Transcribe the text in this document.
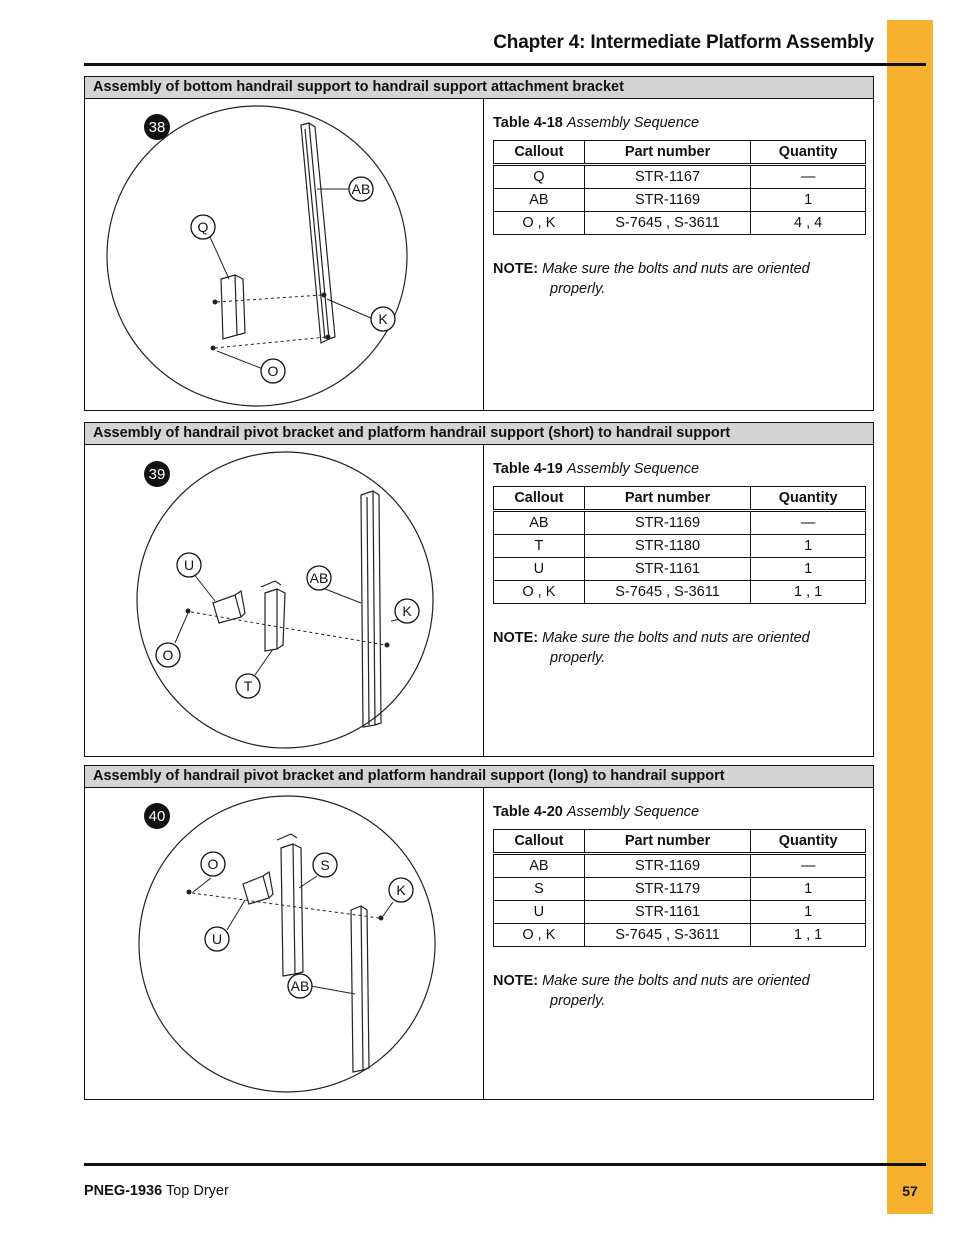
Chapter 4: Intermediate Platform Assembly
Assembly of bottom handrail support to handrail support attachment bracket
38
AB
Q
K
O
Table 4-18 Assembly Sequence
Callout	Part number	Quantity
Q	STR-1167	—
AB	STR-1169	1
O , K	S-7645 , S-3611	4 , 4
NOTE: Make sure the bolts and nuts are oriented properly.
Assembly of handrail pivot bracket and platform handrail support (short) to handrail support
39
U
AB
K
O
T
Table 4-19 Assembly Sequence
Callout	Part number	Quantity
AB	STR-1169	—
T	STR-1180	1
U	STR-1161	1
O , K	S-7645 , S-3611	1 , 1
NOTE: Make sure the bolts and nuts are oriented properly.
Assembly of handrail pivot bracket and platform handrail support (long) to handrail support
40
O	S
K
U
AB
Table 4-20 Assembly Sequence
Callout	Part number	Quantity
AB	STR-1169	—
S	STR-1179	1
U	STR-1161	1
O , K	S-7645 , S-3611	1 , 1
NOTE: Make sure the bolts and nuts are oriented properly.
PNEG-1936 Top Dryer	57
